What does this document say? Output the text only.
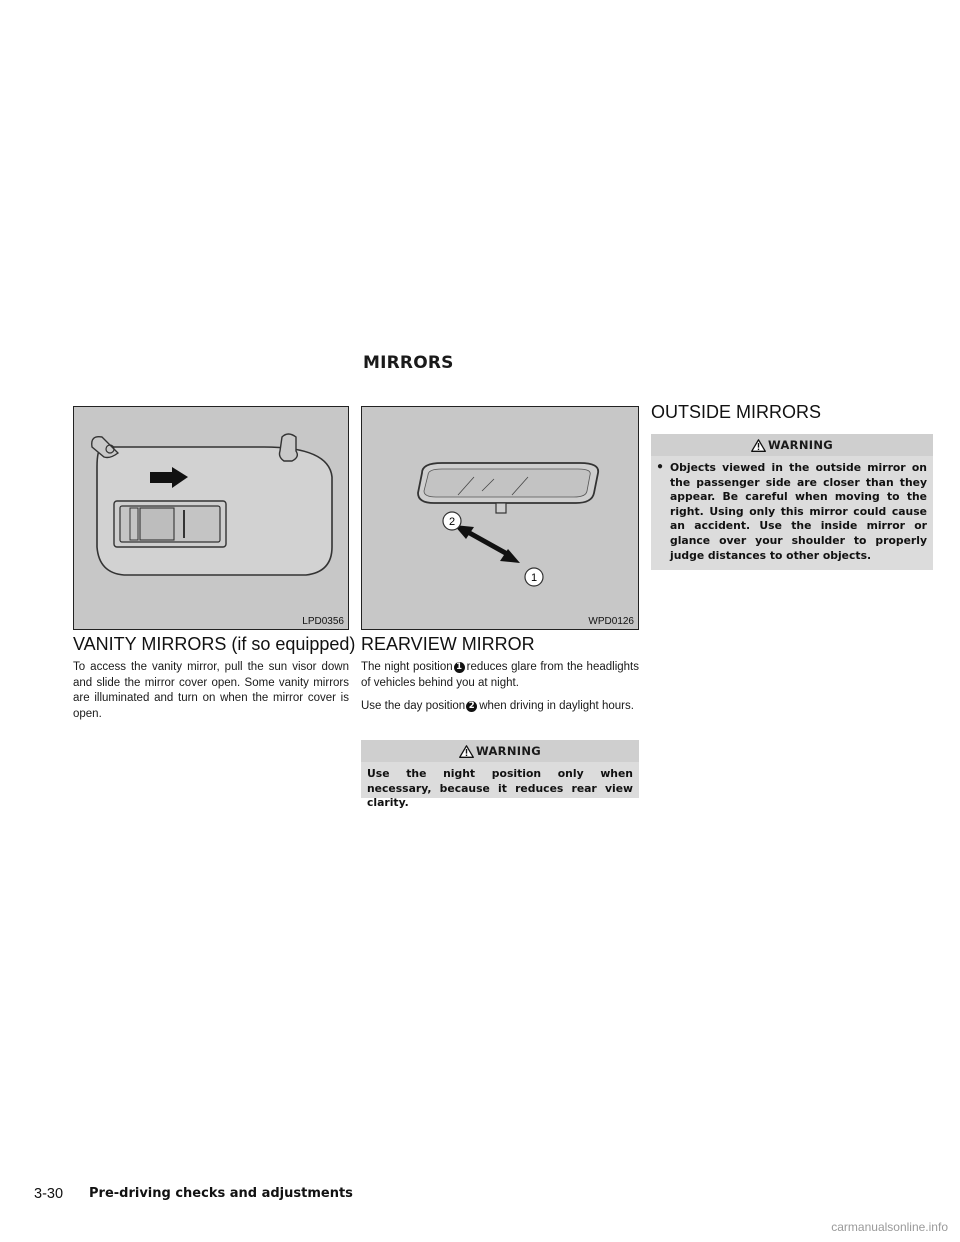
MIRRORS
LPD0356
2
1
WPD0126
VANITY MIRRORS (if so equipped)
To access the vanity mirror, pull the sun visor down and slide the mirror cover open. Some vanity mirrors are illuminated and turn on when the mirror cover is open.
REARVIEW MIRROR
The night position 1 reduces glare from the headlights of vehicles behind you at night.
Use the day position 2 when driving in daylight hours.
WARNING
Use the night position only when necessary, because it reduces rear view clarity.
OUTSIDE MIRRORS
WARNING
● Objects viewed in the outside mirror on the passenger side are closer than they appear. Be careful when moving to the right. Using only this mirror could cause an accident. Use the inside mirror or glance over your shoulder to properly judge distances to other objects.
3-30 Pre-driving checks and adjustments
carmanualsonline.info
